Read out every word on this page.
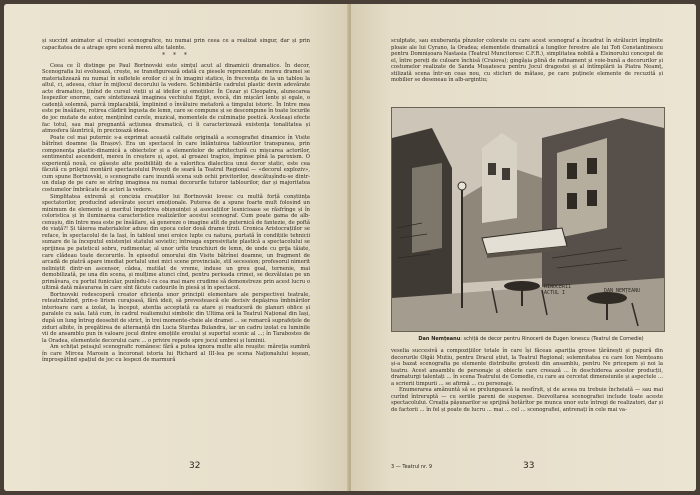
și succint animator al creației scenografice, nu numai prin ceea ce a realizat singur, dar și prin capacitatea de a atrage spre scenă mereu alte talente.

* * *

Ceea ce îl distinge pe Paul Bortnovski este simțul acut al dinamicii dramatice. În decor, Scenografia lui evoluează, crește, se transfigurează odată cu piesele reprezentate: mereu dramei se materializează nu numai în sufletele eroilor ci și în imagini statice, în frecvența de la un tablou la altul, ci, adesea, chiar în mijlocul decorului la vedere. Schimbările cadrului plastic devin adevărate acte dramatice, ținînd de cursul vieții și al ideilor și emoțiilor. În Cezar și Cleopatra, alunecarea lespezilor enorme, care sintetizează imaginea vechiului Egipt, evocă, din mișcări lente și egale, o cadență solemnă, parcă implacabilă, împlinind o învăluire metaforă a timpului istoric. În Intre mea este pe însăilare, rotirea clădirii îngusta de lemn, care se compune și se descompune în toate locurile de joc mutate de autor, menținînd curele, muzical, momentele de culminație poetică. Aceleași efecte fac totul, sau mai pregnantă acțiunea dramatică, ci îi caracterizează existența tonalitatea și atmosfera lăuntrică, în precizează ideea.

Poate cel mai puternic s-a exprimat această calitate originală a scenografiei dinamice în Visite bătrînei doamne (la Brașov). Era un spectacol în care înlăntuirea tablourilor transpunea, prin componența plastic-dinamică a obiectelor și a elementelor de arhitectură cu mișcarea actorilor, sentimentul ascendent, mereu în creștere și, apoi, al groazei tragice, împinse pînă la paroxism. O experiență nouă, ce găsește alte posibilități de a valorifica dialectica unui decor static, este cea făcută cu prilejul montării spectacolului Povești de seară la Teatrul Regional — «decorul exploziv», cum spune Bortnovski, o scenografie care inundă scena sub ochii privitorilor, descătușîndu-se dintr-un dulap de pe care se strîng imaginea nu numai decorurile tuturor tablourilor, dar și majoritatea costumelor îmbrăcate de actori la vedere.

Simplitatea extremă și concizia creațiilor lui Bortnovski lovesc cu multă forță conștiința spectatorilor, producînd adevărate șocuri emoționale. Puterea de a spune foarte mult folosind un minimum de elemente și meritul împotriva obișnuinței și asociațiilor lesnicioase se răsfrînge și în coloristica și în iluminarea caracteristice realizărilor acestui scenograf. Cum poate gama de alb-cenușiu, din Intre mea este pe însăilare, să genereze o imagine atît de puternică de fantezie, de poftă de viață?! Și tăierea materialelor aduse din epoca celor două drame tîrzii. Cronica Aristocrațiilor se reface, în spectacolul de la Iași, în tabloul unei eroice lupte cu natura, purtată în condițiile tehnicii sumare de la începutul existenței statului sovietic; întreaga expresivitate plastică a spectacolului se sprijinea pe pateticul sobru, rudimentar, al unor urîte trunchiuri de lemn, de unde cu grija tăiate, care clădeau toate decorurile. În episodul omorului din Visite bătrînei doamne, un fragment de arcadă de piatră apare imediat portalul unei mici scene provinciale, stil secession; profesorul nimerit neliniștit dintr-un ascensor, cădea, mutilat de vreme, induse un greu goal, ternenie, mai demobilizată, pe una din scena, și mulțime atunci cînd, pentru perioada crimei, se dezvăluiau pe un primăvara, cu portul funicular, punîndu-l cu cea mai mare crudime să demonstreze prin acest lucru o ultimă dată măsurarea în care sînt făcute cadourile în piesă și în spectacol.

Bortnovski redescoperă creator eficiența unor principii elementare ale perspectivei teatrale, reteatralizînd, prin-o lirism curajoasă, fără ideii, să prevestească ele decisiv depășirea îmbinărilor interioare care a izolat, la început, atentia acceptată ca atare și readuceră de planuri oblice și paralele cu sala. Iată cum, în cadrul realismului simbolic din Ultima oră la Teatrul Național din Iași, după un lung întreg deosebit de strict, în trei momente-cheie ale dramei ... se remarcă suprafețele de ziduri albite, în pregătirea de alternanță din Lucia Sturdza Bulandra, iar un cadru izolat cu luminile vii de ansamblu pun în valoare jocul dintre emoțiile eroului și suportul scenic al ...; în Tarabostes de la Oradea, elementele decorului care ... o privire repede spre jocul umbrei și luminii.

Am schițat peisajul scenografic românesc fără a putea ignora multe alte reușite: măreția sumbră în care Mircea Marosin a încoronat istoria lui Richard al III-lea pe scena Naționalului ieșean, împrospătînd spațiul de joc cu lespezi de marmură

32

sculptate, sau exuberanța pînzelor colorate cu care acest scenograf a încadrat în străluciri împlinite ploaie ale lui Cyrano, la Oradea; elementele dramatică a lungilor ferestre ale lui Tofi Constantinescu pentru Domnișoara Nastasia (Teatrul Muncitoresc C.F.R.), simplitatea nobilă a Elsinorului conceput de el, între pereți de culoare închisă (Craiova); gingășia plină de rafinament și voie-bună a decorurilor și costumelor realizate de Sanda Mușatescu pentru Jocul dragostei și al întîmplării la Piatra Neamț, stilizată scena într-un ceas nou, cu sticluri de mătase, pe care puținele elemente de recuzită și mobilier se deseneau în alb-argintiu;

RINOCERII
ACTUL I	DAN NEMȚEANU
1964
Dan Nemțeanu: schiță de decor pentru Rinocerii de Eugen Ionescu (Teatrul de Comedie)

veselia succesivă a compozițiilor totale în care își făceau apariția grosse țărănești și papură din decorurile Olgăi Mutiu, pentru Dracul știut, la Teatrul Regional; solemnitatea cu care Ion Nemțeanu și-a bazat scenografia pe elemente distribuite grotesti din ansamblu, pentru Ne pricepem și noi la teatru. Acest ansamblu de personaje și obiecte care creează ... în deschiderea acestor producții, dramaturgi talentați ... în scena Teatrului de Comedie, cu care au cercetat dimensiunile și aspectele ... a scrierii timpurii ... se afirmă ... cu personaje.

Enumerarea amănuntă să se prelungească la nesfîrșit, și de aceea nu trebuie încheiată — sau mai curînd întreruptă — cu seriile pareni de suspense. Dezvoltarea scenografiei include toate aceste spectacolului. Creația pășunarilor se sprijină hotărîtor pe munca unor sute întregi de realizatori, dar și de factorii ... în fel și poate de lucru ... mai ... cel ... scenografiei, antrenați în cele mai va-

3 — Teatrul nr. 9	33
